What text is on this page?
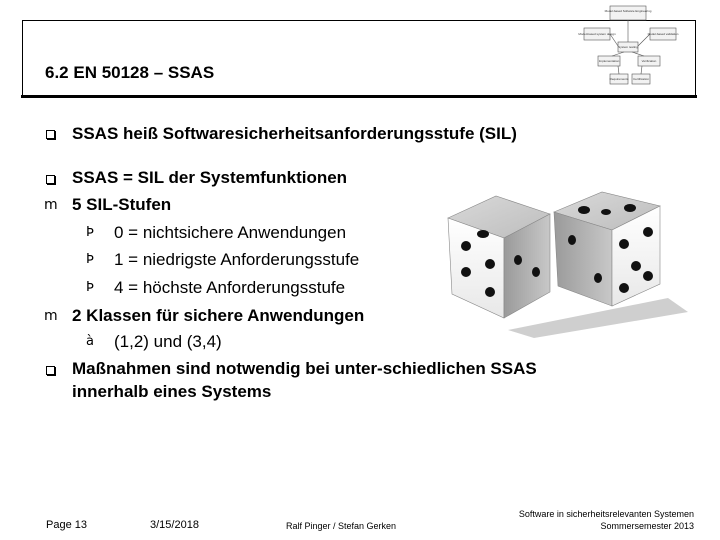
6.2 EN 50128 – SSAS
Model-based Software Engineering
Model-based system design	Model-based validation
System testing
Implementation	Verification
Requirements Certification
SSAS heiß Softwaresicherheitsanforderungsstufe (SIL)
SSAS = SIL der Systemfunktionen
m 5 SIL-Stufen
Þ 0 = nichtsichere Anwendungen
Þ 1 = niedrigste Anforderungsstufe
Þ 4 = höchste Anforderungsstufe
m 2 Klassen für sichere Anwendungen
à (1,2) und (3,4)
Maßnahmen sind notwendig bei unter-schiedlichen SSAS
innerhalb eines Systems
Page 13	3/15/2018	Ralf Pinger / Stefan Gerken
Software in sicherheitsrelevanten Systemen
Sommersemester 2013
